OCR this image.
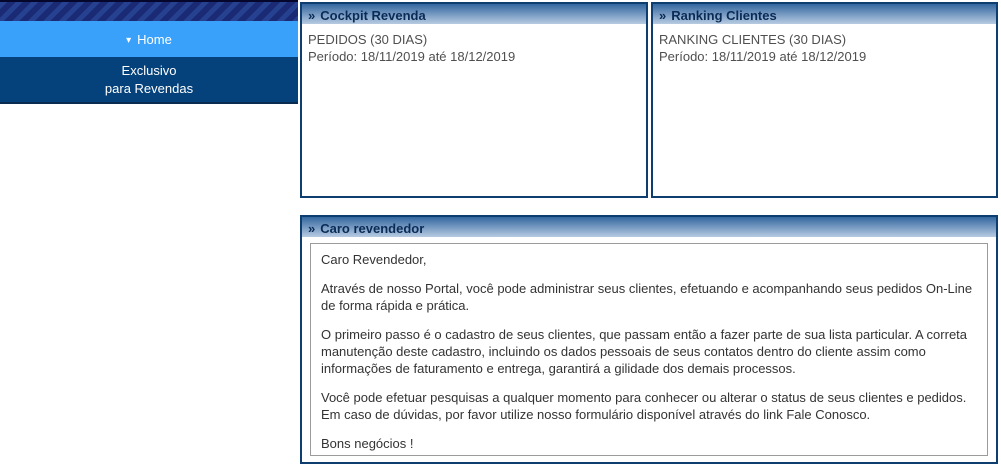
▾ Home
Exclusivo
para Revendas
» Cockpit Revenda
PEDIDOS (30 DIAS)
Período: 18/11/2019 até 18/12/2019
» Ranking Clientes
RANKING CLIENTES (30 DIAS)
Período: 18/11/2019 até 18/12/2019
» Caro revendedor

Caro Revendedor,

Através de nosso Portal, você pode administrar seus clientes, efetuando e acompanhando seus pedidos On-Line
de forma rápida e prática.

O primeiro passo é o cadastro de seus clientes, que passam então a fazer parte de sua lista particular. A correta
manutenção deste cadastro, incluindo os dados pessoais de seus contatos dentro do cliente assim como
informações de faturamento e entrega, garantirá a gilidade dos demais processos.

Você pode efetuar pesquisas a qualquer momento para conhecer ou alterar o status de seus clientes e pedidos.
Em caso de dúvidas, por favor utilize nosso formulário disponível através do link Fale Conosco.

Bons negócios !
